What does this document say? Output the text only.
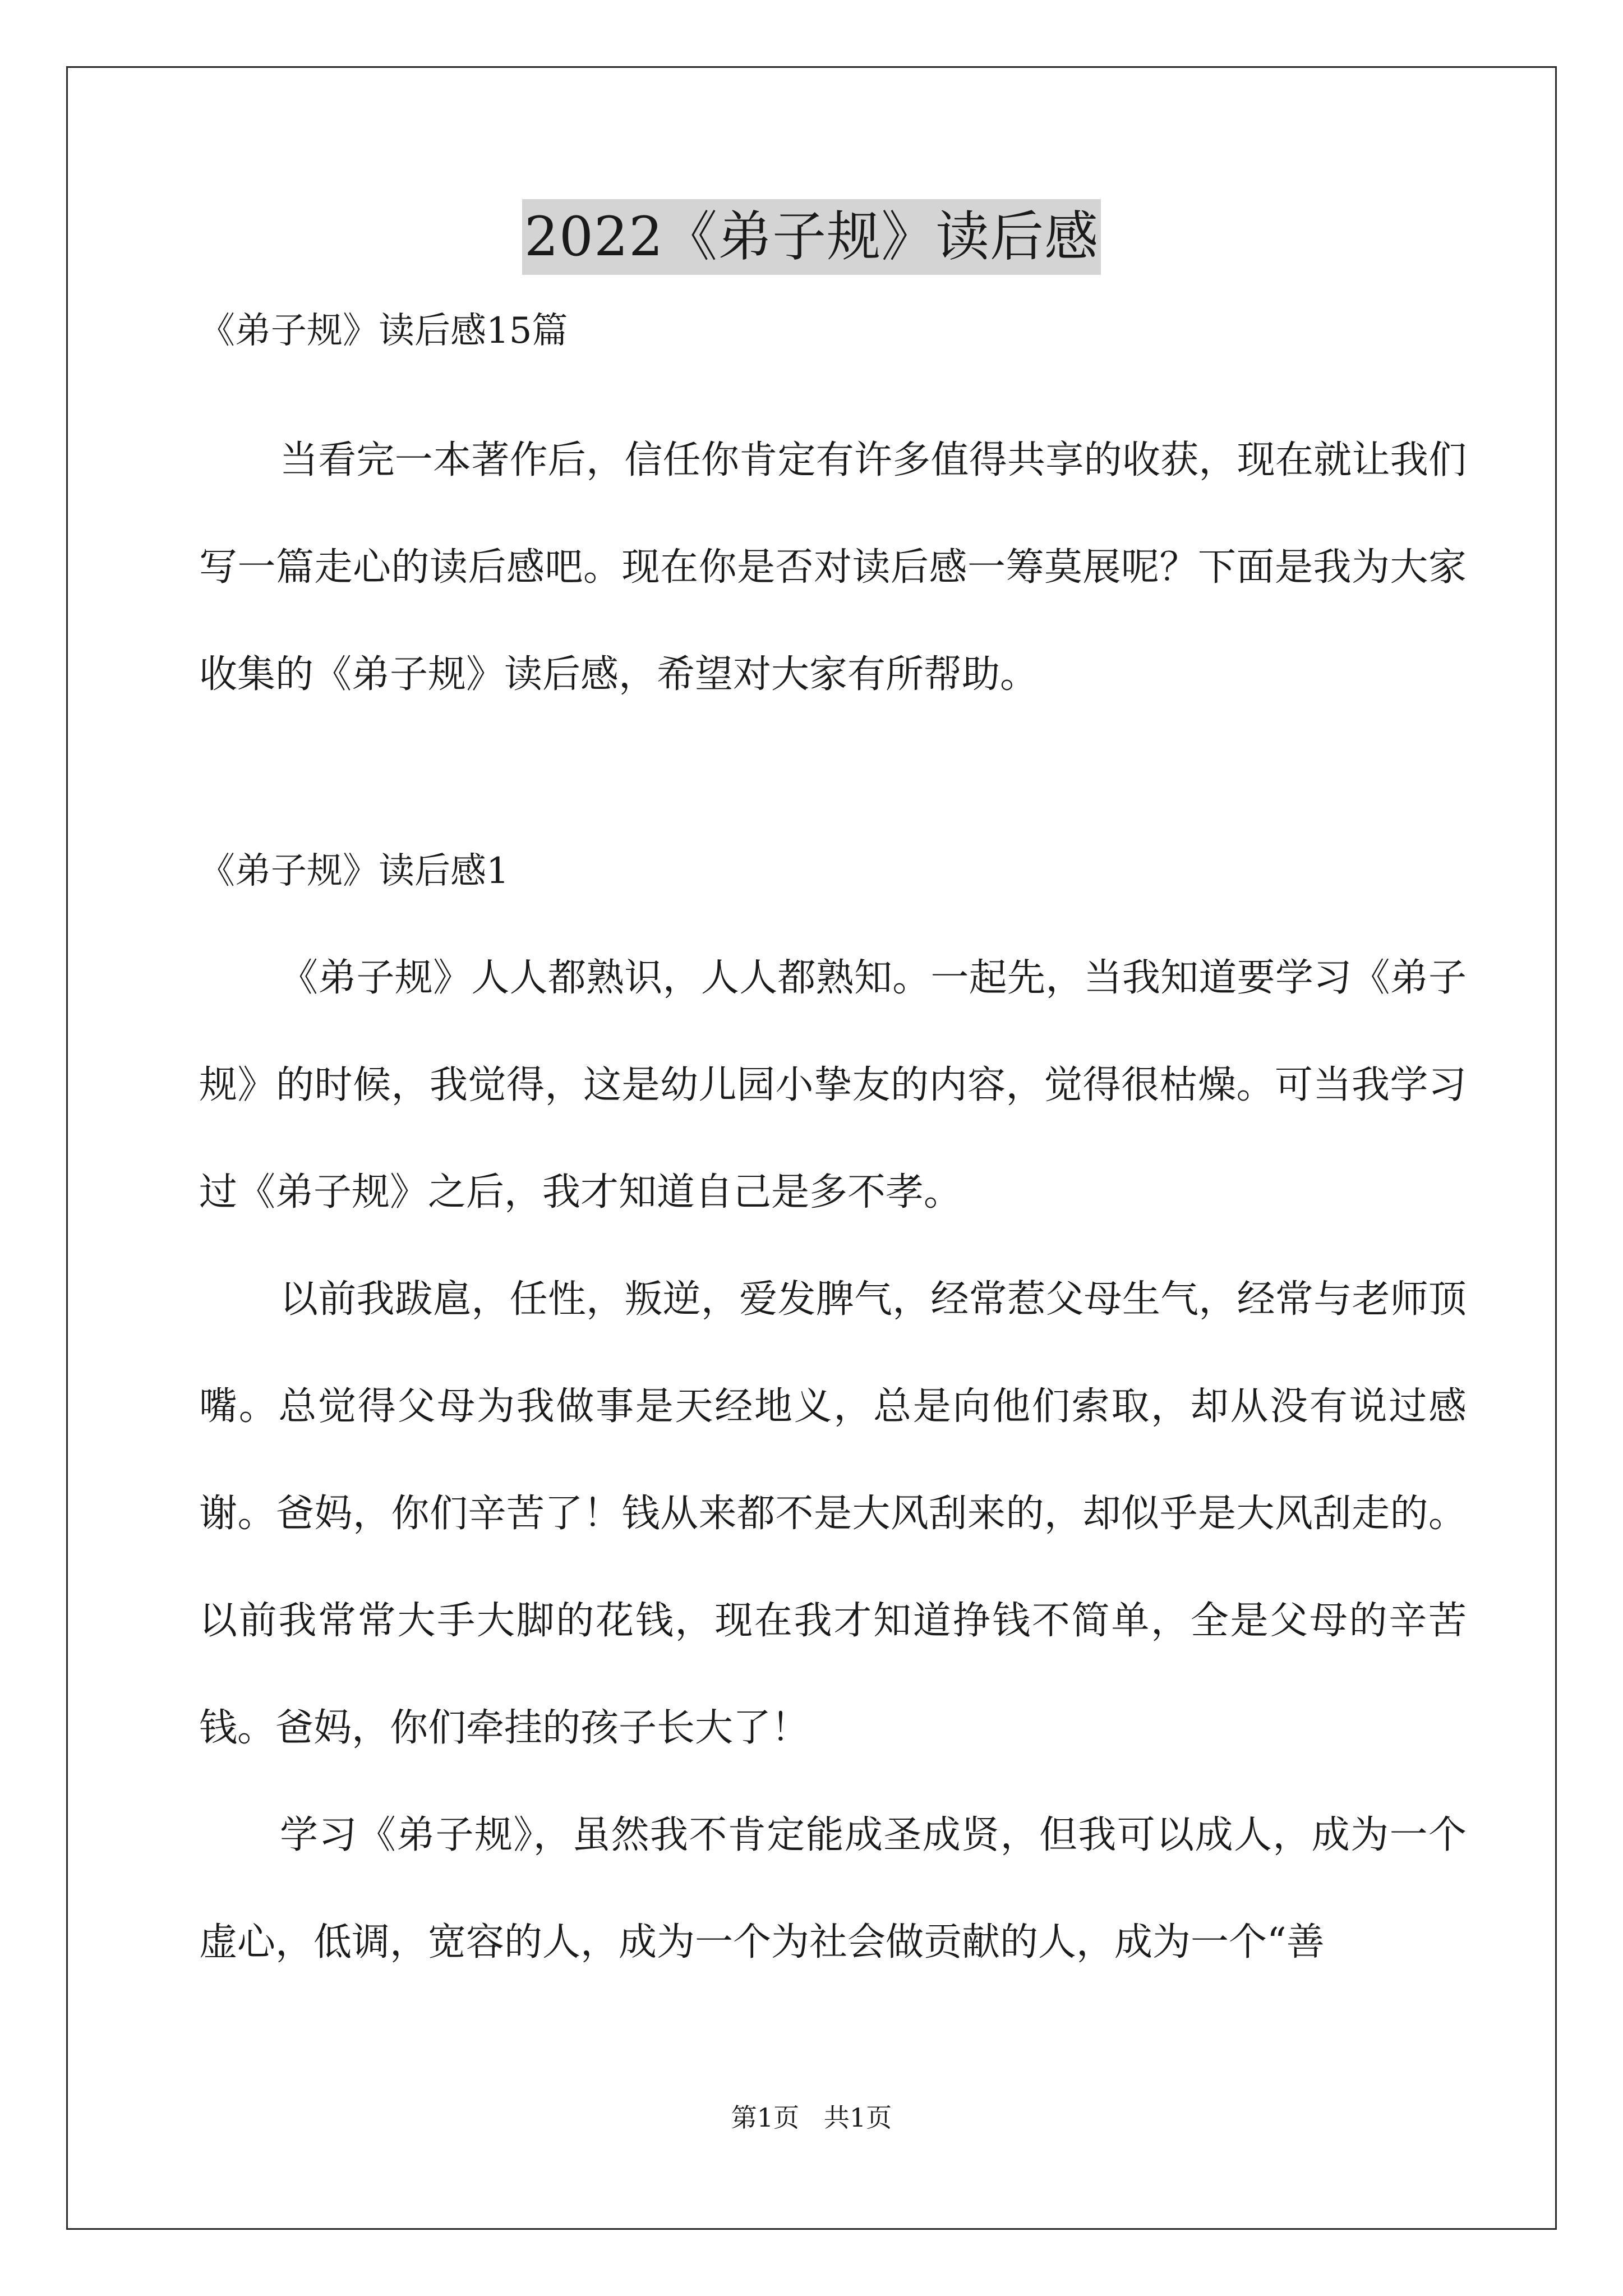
2022《弟子规》读后感

《弟子规》读后感15篇

当看完一本著作后，信任你肯定有许多值得共享的收获，现在就让我们写一篇走心的读后感吧。现在你是否对读后感一筹莫展呢？下面是我为大家收集的《弟子规》读后感，希望对大家有所帮助。

《弟子规》读后感1

《弟子规》人人都熟识，人人都熟知。一起先，当我知道要学习《弟子规》的时候，我觉得，这是幼儿园小挚友的内容，觉得很枯燥。可当我学习过《弟子规》之后，我才知道自己是多不孝。

以前我跋扈，任性，叛逆，爱发脾气，经常惹父母生气，经常与老师顶嘴。总觉得父母为我做事是天经地义，总是向他们索取，却从没有说过感谢。爸妈，你们辛苦了！钱从来都不是大风刮来的，却似乎是大风刮走的。以前我常常大手大脚的花钱，现在我才知道挣钱不简单，全是父母的辛苦钱。爸妈，你们牵挂的孩子长大了！

学习《弟子规》，虽然我不肯定能成圣成贤，但我可以成人，成为一个虚心，低调，宽容的人，成为一个为社会做贡献的人，成为一个“善

第1页   共1页
